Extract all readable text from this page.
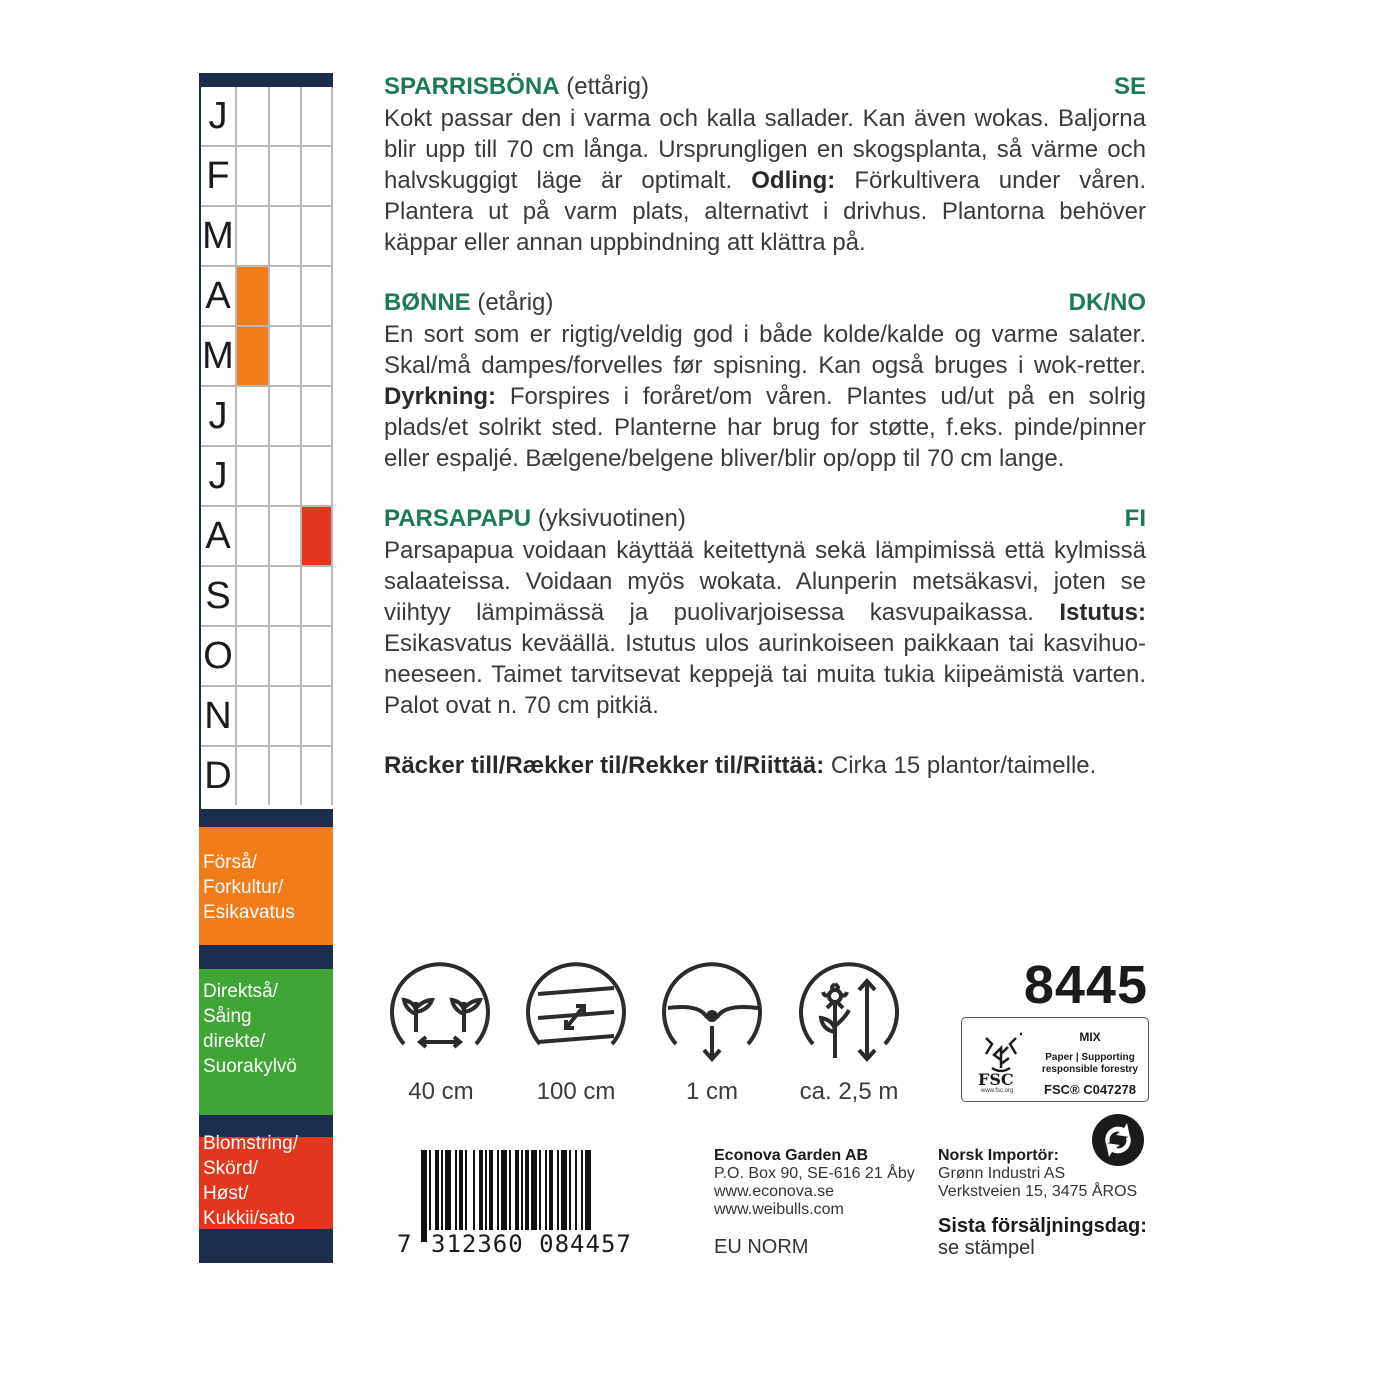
J
F
M
A
M
J
J
A
S
O
N
D
Förså/
Forkultur/
Esikavatus
Direktså/
Såing
direkte/
Suorakylvö
Blomstring/
Skörd/
Høst/
Kukkii/sato
SPARRISBÖNA (ettårig)	SE
Kokt passar den i varma och kalla sallader. Kan även wokas. Baljorna blir upp till 70 cm långa. Ursprungligen en skogsplanta, så värme och halvskuggigt läge är optimalt. Odling: Förkultivera under våren. Plantera ut på varm plats, alternativt i drivhus. Plantorna behöver käppar eller annan uppbindning att klättra på.
BØNNE (etårig)	DK/NO
En sort som er rigtig/veldig god i både kolde/kalde og varme salater. Skal/må dampes/forvelles før spisning. Kan også bruges i wok-retter. Dyrkning: Forspires i foråret/om våren. Plantes ud/ut på en solrig plads/et solrikt sted. Planterne har brug for støtte, f.eks. pinde/pinner eller espaljé. Bælgene/belgene bliver/blir op/opp til 70 cm lange.
PARSAPAPU (yksivuotinen)	FI
Parsapapua voidaan käyttää keitettynä sekä lämpimissä että kylmissä salaateissa. Voidaan myös wokata. Alunperin metsäkasvi, joten se viihtyy lämpimässä ja puolivarjoisessa kasvupaikassa. Istutus: Esikasvatus keväällä. Istutus ulos aurinkoiseen paikkaan tai kasvihuo-neeseen. Taimet tarvitsevat keppejä tai muita tukia kiipeämistä varten. Palot ovat n. 70 cm pitkiä.
Räcker till/Rækker til/Rekker til/Riittää: Cirka 15 plantor/taimelle.
40 cm	100 cm	1 cm	ca. 2,5 m
8445
FSC
www.fsc.org
MIX
Paper | Supporting
responsible forestry
FSC® C047278
7 312360 084457
Econova Garden AB
P.O. Box 90, SE-616 21 Åby
www.econova.se
www.weibulls.com
EU NORM
Norsk Importör:
Grønn Industri AS
Verkstveien 15, 3475 ÅROS
Sista försäljningsdag:
se stämpel
